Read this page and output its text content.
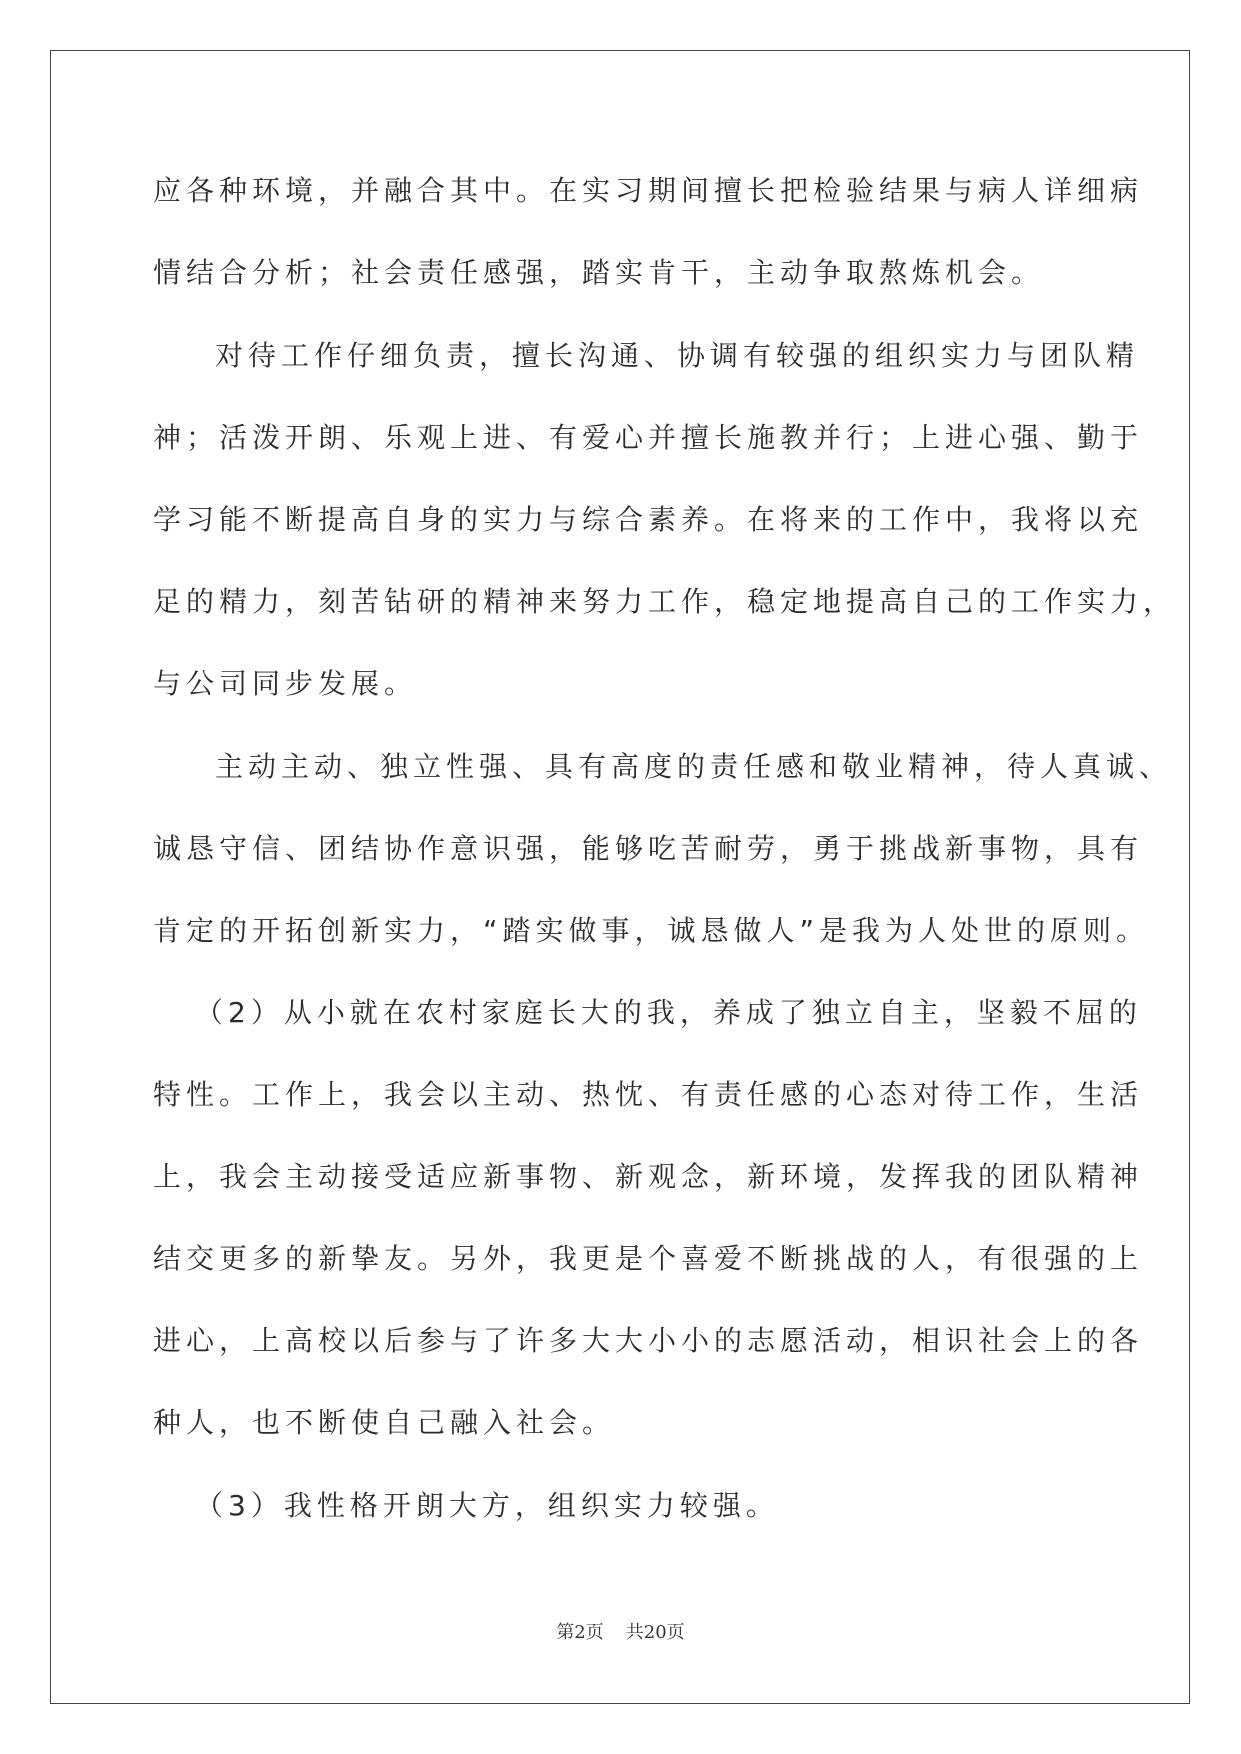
应各种环境，并融合其中。在实习期间擅长把检验结果与病人详细病

情结合分析；社会责任感强，踏实肯干，主动争取熬炼机会。

对待工作仔细负责，擅长沟通、协调有较强的组织实力与团队精

神；活泼开朗、乐观上进、有爱心并擅长施教并行；上进心强、勤于

学习能不断提高自身的实力与综合素养。在将来的工作中，我将以充

足的精力，刻苦钻研的精神来努力工作，稳定地提高自己的工作实力，

与公司同步发展。

主动主动、独立性强、具有高度的责任感和敬业精神，待人真诚、

诚恳守信、团结协作意识强，能够吃苦耐劳，勇于挑战新事物，具有

肯定的开拓创新实力，“踏实做事，诚恳做人”是我为人处世的原则。

（2）从小就在农村家庭长大的我，养成了独立自主，坚毅不屈的

特性。工作上，我会以主动、热忱、有责任感的心态对待工作，生活

上，我会主动接受适应新事物、新观念，新环境，发挥我的团队精神

结交更多的新挚友。另外，我更是个喜爱不断挑战的人，有很强的上

进心，上高校以后参与了许多大大小小的志愿活动，相识社会上的各

种人，也不断使自己融入社会。

（3）我性格开朗大方，组织实力较强。

第2页 共20页
